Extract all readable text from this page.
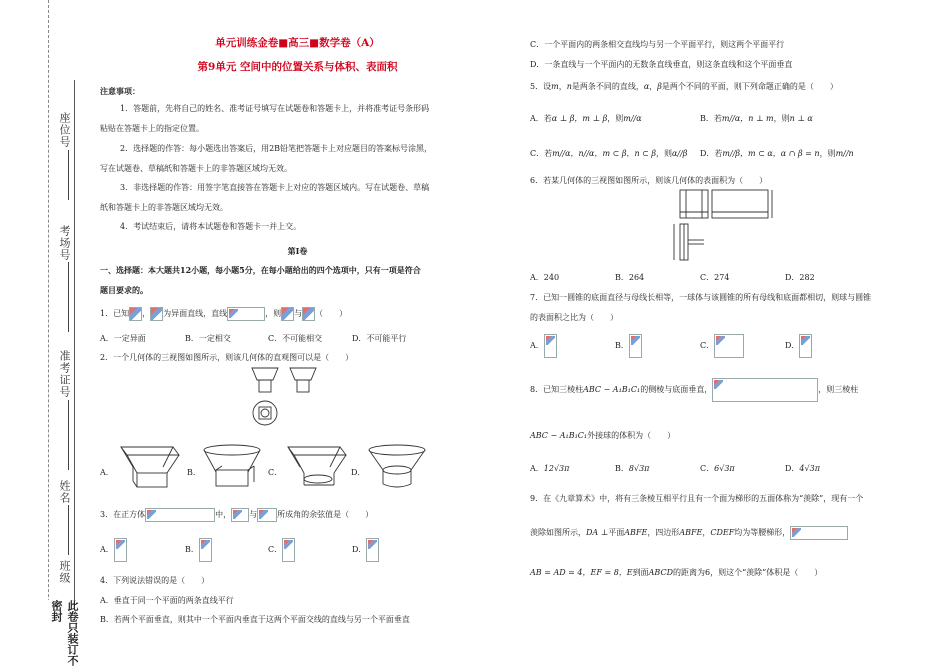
座位号
考场号
准考证号
姓名
班级
此卷只装订不密封
单元训练金卷■高三■数学卷（A）
第9单元 空间中的位置关系与体积、表面积
注意事项：
1．答题前，先将自己的姓名、准考证号填写在试题卷和答题卡上，并将准考证号条形码
粘贴在答题卡上的指定位置。
2．选择题的作答：每小题选出答案后，用2B铅笔把答题卡上对应题目的答案标号涂黑，
写在试题卷、草稿纸和答题卡上的非答题区域均无效。
3．非选择题的作答：用签字笔直接答在答题卡上对应的答题区域内。写在试题卷、草稿
纸和答题卡上的非答题区域均无效。
4．考试结束后，请将本试题卷和答题卡一并上交。
第Ⅰ卷
一、选择题：本大题共12小题，每小题5分，在每小题给出的四个选项中，只有一项是符合
题目要求的。
1．已知 ， 为异面直线，直线	，则 与 （　　）
A．一定异面	B．一定相交	C．不可能相交	D．不可能平行
2．一个几何体的三视图如图所示，则该几何体的直观图可以是（　　）
A．	B．	C．	D．
3．在正方体	中， 与	所成角的余弦值是（　　）
A．	B．	C．	D．
4．下列说法错误的是（　　）
A．垂直于同一个平面的两条直线平行
B．若两个平面垂直，则其中一个平面内垂直于这两个平面交线的直线与另一个平面垂直
C．一个平面内的两条相交直线均与另一个平面平行，则这两个平面平行
D．一条直线与一个平面内的无数条直线垂直，则这条直线和这个平面垂直
5．设m，n是两条不同的直线，α，β是两个不同的平面，则下列命题正确的是（　　）
A．若α ⊥ β，m ⊥ β，则m//α	B．若m//α，n ⊥ m，则n ⊥ α
C．若m//α，n//α，m ⊂ β，n ⊂ β，则α//β D．若m//β，m ⊂ α，α ∩ β = n，则m//n
6．若某几何体的三视图如图所示，则该几何体的表面积为（　　）
A．240	B．264	C．274	D．282
7．已知一圆锥的底面直径与母线长相等，一球体与该圆锥的所有母线和底面都相切，则球与圆锥
的表面积之比为（　　）
A．	B．	C．	D．
8．已知三棱柱ABC − A₁B₁C₁的侧棱与底面垂直，	，则三棱柱
ABC − A₁B₁C₁外接球的体积为（　　）
A．12√3π	B．8√3π	C．6√3π	D．4√3π
9．在《九章算术》中，将有三条棱互相平行且有一个面为梯形的五面体称为“羡除”，现有一个
羡除如图所示，DA ⊥平面ABFE，四边形ABFE，CDEF均为等腰梯形，
AB = AD = 4，EF = 8，E到面ABCD的距离为6，则这个“羡除”体积是（　　）
